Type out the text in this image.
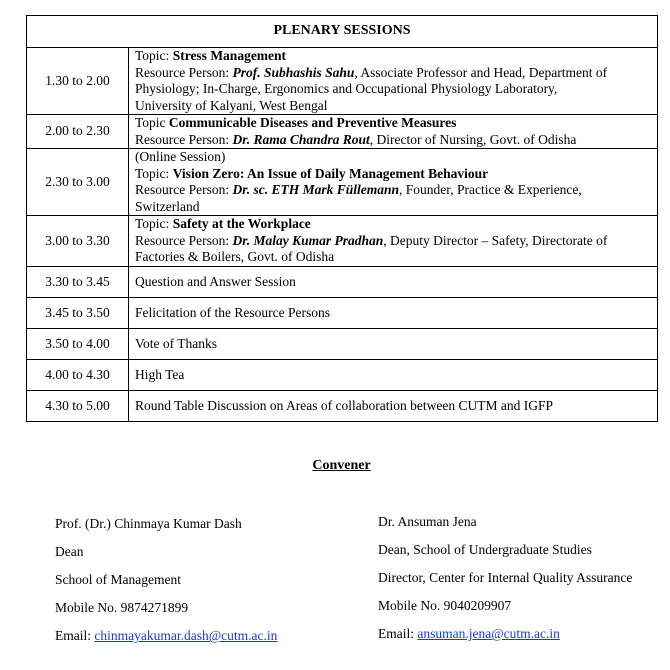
PLENARY SESSIONS	
1.30 to 2.00	Topic: Stress Management
Resource Person: Prof. Subhashis Sahu, Associate Professor and Head, Department of
Physiology; In-Charge, Ergonomics and Occupational Physiology Laboratory,
University of Kalyani, West Bengal
2.00 to 2.30	Topic Communicable Diseases and Preventive Measures
Resource Person: Dr. Rama Chandra Rout, Director of Nursing, Govt. of Odisha
2.30 to 3.00	(Online Session)
Topic: Vision Zero: An Issue of Daily Management Behaviour
Resource Person: Dr. sc. ETH Mark Füllemann, Founder, Practice & Experience,
Switzerland
3.00 to 3.30	Topic: Safety at the Workplace
Resource Person: Dr. Malay Kumar Pradhan, Deputy Director – Safety, Directorate of
Factories & Boilers, Govt. of Odisha
3.30 to 3.45	Question and Answer Session
3.45 to 3.50	Felicitation of the Resource Persons
3.50 to 4.00	Vote of Thanks
4.00 to 4.30	High Tea
4.30 to 5.00	Round Table Discussion on Areas of collaboration between CUTM and IGFP
Convener
Prof. (Dr.) Chinmaya Kumar Dash
Dean
School of Management
Mobile No. 9874271899
Email: chinmayakumar.dash@cutm.ac.in
Dr. Ansuman Jena
Dean, School of Undergraduate Studies
Director, Center for Internal Quality Assurance
Mobile No. 9040209907
Email: ansuman.jena@cutm.ac.in
